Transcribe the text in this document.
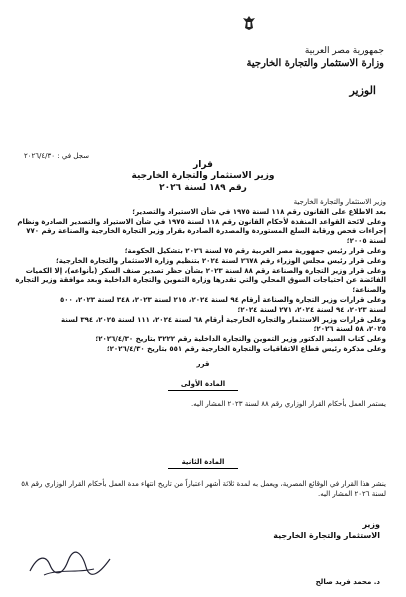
جمهورية مصر العربية
وزارة الاستثمار والتجارة الخارجية
الوزير
سجل في : ٢٠٢٦/٤/٣٠
قرار
وزير الاستثمار والتجارة الخارجية
رقم ١٨٩ لسنة ٢٠٢٦
وزير الاستثمار والتجارة الخارجية
بعد الاطلاع على القانون رقم ١١٨ لسنة ١٩٧٥ في شأن الاستيراد والتصدير؛
وعلى لائحة القواعد المنفذة لأحكام القانون رقم ١١٨ لسنة ١٩٧٥ في شأن الاستيراد والتصدير الصادرة ونظام
إجراءات فحص ورقابة السلع المستوردة والمصدرة الصادرة بقرار وزير التجارة الخارجية والصناعة رقم ٧٧٠
لسنة ٢٠٠٥؛
وعلى قرار رئيس جمهورية مصر العربية رقم ٧٥ لسنة ٢٠٢٦ بتشكيل الحكومة؛
وعلى قرار رئيس مجلس الوزراء رقم ٢٦٧٨ لسنة ٢٠٢٤ بتنظيم وزارة الاستثمار والتجارة الخارجية؛
وعلى قرار وزير التجارة والصناعة رقم ٨٨ لسنة ٢٠٢٣ بشأن حظر تصدير صنف السكر (بأنواعه)، إلا الكميات
الفائضة عن احتياجات السوق المحلي والتي تقدرها وزارة التموين والتجارة الداخلية وبعد موافقة وزير التجارة
والصناعة؛
وعلى قرارات وزير التجارة والصناعة أرقام ٩٤ لسنة ٢٠٢٤، ٢١٥ لسنة ٢٠٢٣، ٣٤٨ لسنة ٢٠٢٣، ٥٠٠
لسنة ٢٠٢٣، ٩٤ لسنة ٢٠٢٤، ٢٧١ لسنة ٢٠٢٤؛
وعلى قرارات وزير الاستثمار والتجارة الخارجية أرقام ٦٨ لسنة ٢٠٢٤، ١١١ لسنة ٢٠٢٥، ٣٩٤ لسنة
٢٠٢٥، ٥٨ لسنة ٢٠٢٦؛
وعلى كتاب السيد الدكتور وزير التموين والتجارة الداخلية رقم ٣٢٢٢ بتاريخ ٢٠٢٦/٤/٣٠؛
وعلى مذكرة رئيس قطاع الاتفاقيات والتجارة الخارجية رقم ٥٥١ بتاريخ ٢٠٢٦/٤/٣٠؛
قرر
المادة الأولى
يستمر العمل بأحكام القرار الوزاري رقم ٨٨ لسنة ٢٠٢٣ المشار اليه.
المادة الثانية
ينشر هذا القرار في الوقائع المصرية، ويعمل به لمدة ثلاثة أشهر اعتباراً من تاريخ انتهاء مدة العمل بأحكام القرار الوزاري رقم ٥٨ لسنة ٢٠٢٦ المشار اليه.
وزير
الاستثمار والتجارة الخارجية
د. محمد فريد صالح
